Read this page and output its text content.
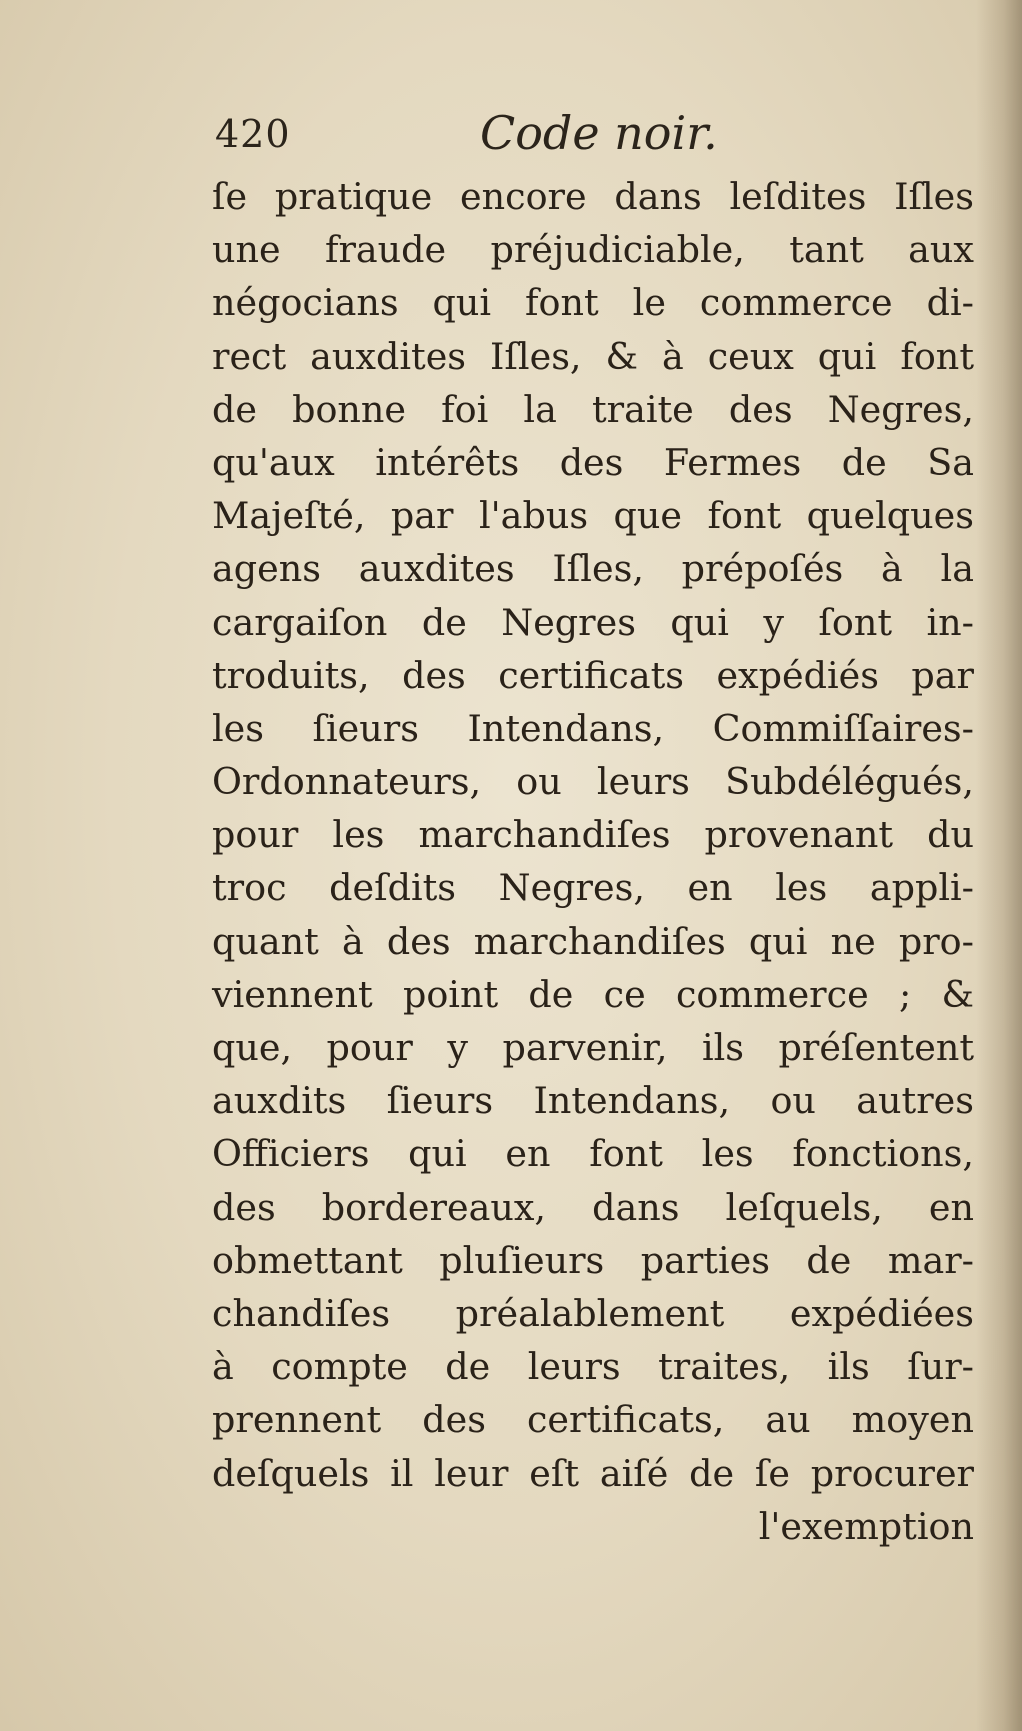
420	Code noir.
ſe pratique encore dans leſdites Iſles
une fraude préjudiciable, tant aux
négocians qui font le commerce di-
rect auxdites Iſles, & à ceux qui font
de bonne foi la traite des Negres,
qu'aux intérêts des Fermes de Sa
Majeſté, par l'abus que font quelques
agens auxdites Iſles, prépoſés à la
cargaiſon de Negres qui y ſont in-
troduits, des certificats expédiés par
les ſieurs Intendans, Commiſſaires-
Ordonnateurs, ou leurs Subdélégués,
pour les marchandiſes provenant du
troc deſdits Negres, en les appli-
quant à des marchandiſes qui ne pro-
viennent point de ce commerce ; &
que, pour y parvenir, ils préſentent
auxdits ſieurs Intendans, ou autres
Officiers qui en font les fonctions,
des bordereaux, dans leſquels, en
obmettant pluſieurs parties de mar-
chandiſes préalablement expédiées
à compte de leurs traites, ils ſur-
prennent des certificats, au moyen
deſquels il leur eſt aiſé de ſe procurer
l'exemption
